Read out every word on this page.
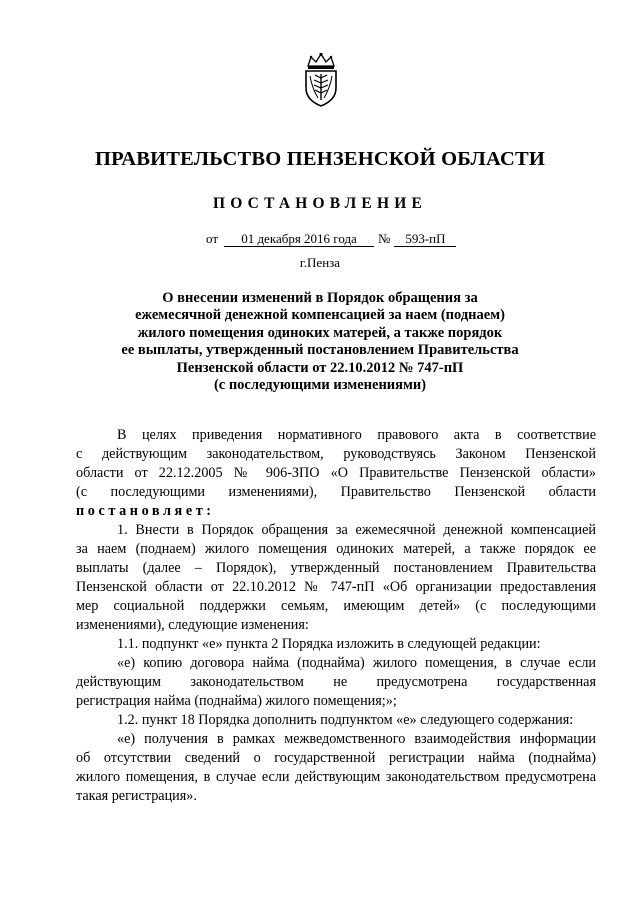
ПРАВИТЕЛЬСТВО ПЕНЗЕНСКОЙ ОБЛАСТИ
ПОСТАНОВЛЕНИЕ
от 01 декабря 2016 года № 593-пП
г.Пенза
О внесении изменений в Порядок обращения за
ежемесячной денежной компенсацией за наем (поднаем)
жилого помещения одиноких матерей, а также порядок
ее выплаты, утвержденный постановлением Правительства
Пензенской области от 22.10.2012 № 747-пП
(с последующими изменениями)
В целях приведения нормативного правового акта в соответствие
с действующим законодательством, руководствуясь Законом Пензенской
области от 22.12.2005 № 906-ЗПО «О Правительстве Пензенской области»
(с последующими изменениями), Правительство Пензенской области
постановляет:
1. Внести в Порядок обращения за ежемесячной денежной компенсацией
за наем (поднаем) жилого помещения одиноких матерей, а также порядок ее
выплаты (далее – Порядок), утвержденный постановлением Правительства
Пензенской области от 22.10.2012 № 747-пП «Об организации предоставления
мер социальной поддержки семьям, имеющим детей» (с последующими
изменениями), следующие изменения:
1.1. подпункт «е» пункта 2 Порядка изложить в следующей редакции:
«е) копию договора найма (поднайма) жилого помещения, в случае если
действующим законодательством не предусмотрена государственная
регистрация найма (поднайма) жилого помещения;»;
1.2. пункт 18 Порядка дополнить подпунктом «е» следующего содержания:
«е) получения в рамках межведомственного взаимодействия информации
об отсутствии сведений о государственной регистрации найма (поднайма)
жилого помещения, в случае если действующим законодательством предусмотрена
такая регистрация».
